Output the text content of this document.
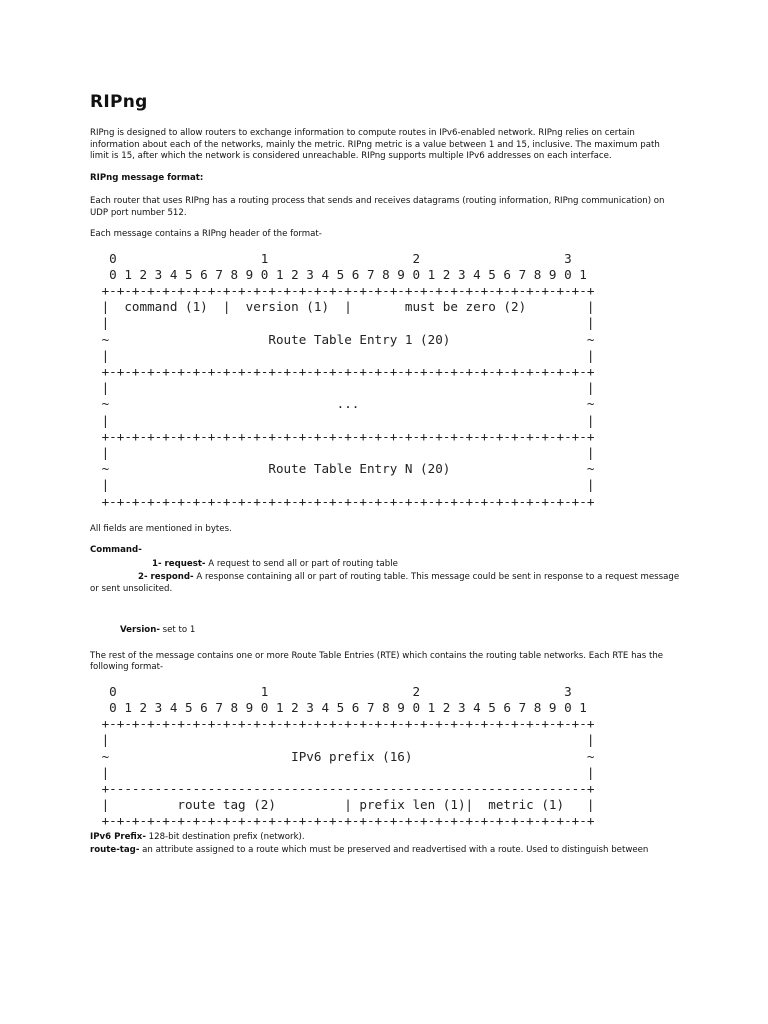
RIPng

RIPng is designed to allow routers to exchange information to compute routes in IPv6-enabled network. RIPng relies on certain information about each of the networks, mainly the metric. RIPng metric is a value between 1 and 15, inclusive. The maximum path limit is 15, after which the network is considered unreachable. RIPng supports multiple IPv6 addresses on each interface.

RIPng message format:

Each router that uses RIPng has a routing process that sends and receives datagrams (routing information, RIPng communication) on UDP port number 512.

Each message contains a RIPng header of the format-

0                   1                   2                   3
0 1 2 3 4 5 6 7 8 9 0 1 2 3 4 5 6 7 8 9 0 1 2 3 4 5 6 7 8 9 0 1
+-+-+-+-+-+-+-+-+-+-+-+-+-+-+-+-+-+-+-+-+-+-+-+-+-+-+-+-+-+-+-+-+
|  command (1)  |  version (1)  |       must be zero (2)        |
|                                                               |
~                     Route Table Entry 1 (20)                  ~
|                                                               |
+-+-+-+-+-+-+-+-+-+-+-+-+-+-+-+-+-+-+-+-+-+-+-+-+-+-+-+-+-+-+-+-+
|                                                               |
~                              ...                              ~
|                                                               |
+-+-+-+-+-+-+-+-+-+-+-+-+-+-+-+-+-+-+-+-+-+-+-+-+-+-+-+-+-+-+-+-+
|                                                               |
~                     Route Table Entry N (20)                  ~
|                                                               |
+-+-+-+-+-+-+-+-+-+-+-+-+-+-+-+-+-+-+-+-+-+-+-+-+-+-+-+-+-+-+-+-+

All fields are mentioned in bytes.

Command-

1- request- A request to send all or part of routing table

2- respond- A response containing all or part of routing table. This message could be sent in response to a request message or sent unsolicited.

Version- set to 1

The rest of the message contains one or more Route Table Entries (RTE) which contains the routing table networks. Each RTE has the following format-

0                   1                   2                   3
0 1 2 3 4 5 6 7 8 9 0 1 2 3 4 5 6 7 8 9 0 1 2 3 4 5 6 7 8 9 0 1
+-+-+-+-+-+-+-+-+-+-+-+-+-+-+-+-+-+-+-+-+-+-+-+-+-+-+-+-+-+-+-+-+
|                                                               |
~                        IPv6 prefix (16)                       ~
|                                                               |
+---------------------------------------------------------------+
|         route tag (2)         | prefix len (1)|  metric (1)   |
+-+-+-+-+-+-+-+-+-+-+-+-+-+-+-+-+-+-+-+-+-+-+-+-+-+-+-+-+-+-+-+-+

IPv6 Prefix- 128-bit destination prefix (network).

route-tag- an attribute assigned to a route which must be preserved and readvertised with a route. Used to distinguish between
